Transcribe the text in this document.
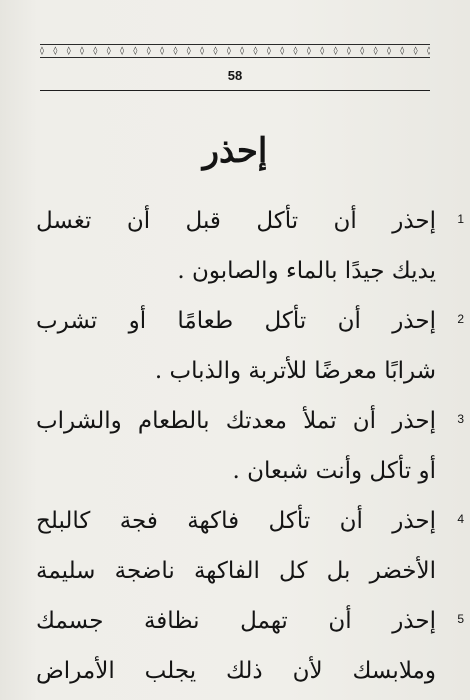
◊ ◊ ◊ ◊ ◊ ◊ ◊ ◊ ◊ ◊ ◊ ◊ ◊ ◊ ◊ ◊ ◊ ◊ ◊ ◊ ◊ ◊ ◊ ◊ ◊ ◊ ◊ ◊ ◊ ◊
58
إحذر
1
إحذر أن تأكل قبل أن تغسل
يديك جيدًا بالماء والصابون .
2
إحذر أن تأكل طعامًا أو تشرب
شرابًا معرضًا للأتربة والذباب .
3
إحذر أن تملأ معدتك بالطعام والشراب
أو تأكل وأنت شبعان .
4
إحذر أن تأكل فاكهة فجة كالبلح
الأخضر بل كل الفاكهة ناضجة سليمة
5
إحذر أن تهمل نظافة جسمك
وملابسك لأن ذلك يجلب الأمراض
